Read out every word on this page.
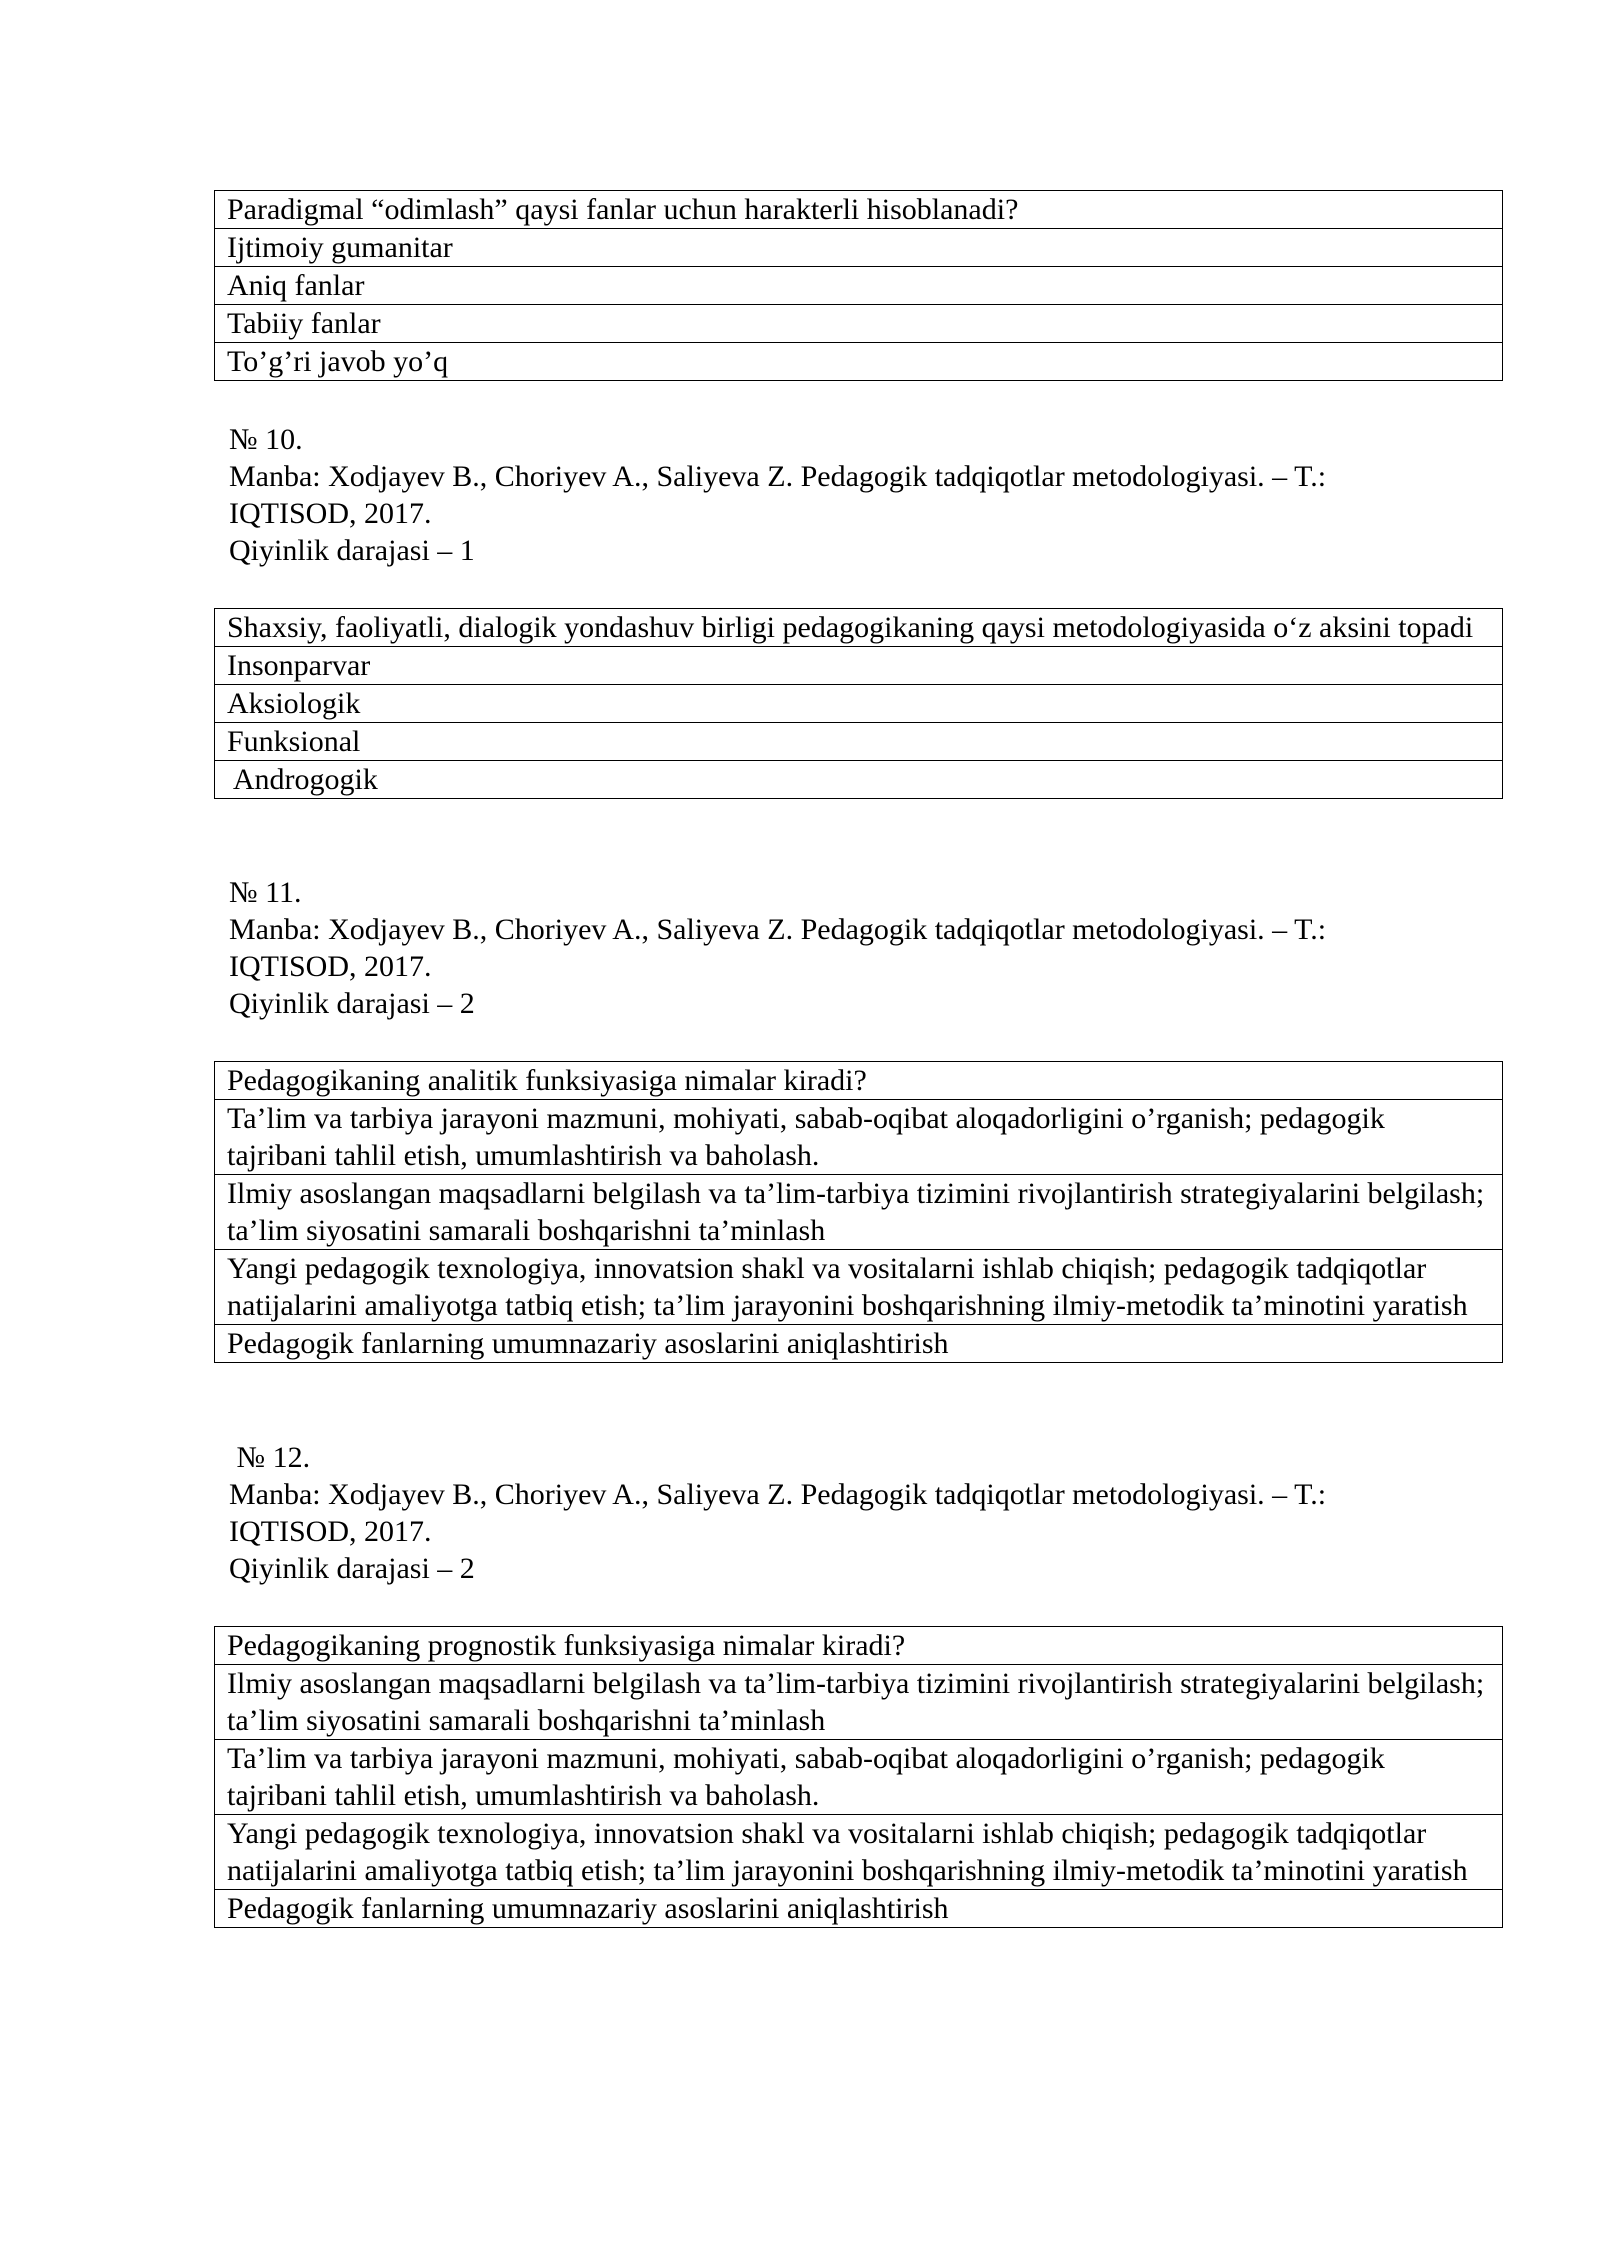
Paradigmal “odimlash” qaysi fanlar uchun harakterli hisoblanadi?
Ijtimoiy gumanitar
Aniq fanlar
Tabiiy fanlar
To’g’ri javob yo’q
№ 10.
Manba: Xodjayev B., Choriyev A., Saliyeva Z. Pedagogik tadqiqotlar metodologiyasi. – T.:
IQTISOD, 2017.
Qiyinlik darajasi – 1
Shaxsiy, faoliyatli, dialogik yondashuv birligi pedagogikaning qaysi metodologiyasida o‘z aksini topadi
Insonparvar
Aksiologik
Funksional
Androgogik
№ 11.
Manba: Xodjayev B., Choriyev A., Saliyeva Z. Pedagogik tadqiqotlar metodologiyasi. – T.:
IQTISOD, 2017.
Qiyinlik darajasi – 2
Pedagogikaning analitik funksiyasiga nimalar kiradi?
Ta’lim va tarbiya jarayoni mazmuni, mohiyati, sabab-oqibat aloqadorligini o’rganish; pedagogik tajribani tahlil etish, umumlashtirish va baholash.
Ilmiy asoslangan maqsadlarni belgilash va ta’lim-tarbiya tizimini rivojlantirish strategiyalarini belgilash; ta’lim siyosatini samarali boshqarishni ta’minlash
Yangi pedagogik texnologiya, innovatsion shakl va vositalarni ishlab chiqish; pedagogik tadqiqotlar natijalarini amaliyotga tatbiq etish; ta’lim jarayonini boshqarishning ilmiy-metodik ta’minotini yaratish
Pedagogik fanlarning umumnazariy asoslarini aniqlashtirish
№ 12.
Manba: Xodjayev B., Choriyev A., Saliyeva Z. Pedagogik tadqiqotlar metodologiyasi. – T.:
IQTISOD, 2017.
Qiyinlik darajasi – 2
Pedagogikaning prognostik funksiyasiga nimalar kiradi?
Ilmiy asoslangan maqsadlarni belgilash va ta’lim-tarbiya tizimini rivojlantirish strategiyalarini belgilash; ta’lim siyosatini samarali boshqarishni ta’minlash
Ta’lim va tarbiya jarayoni mazmuni, mohiyati, sabab-oqibat aloqadorligini o’rganish; pedagogik tajribani tahlil etish, umumlashtirish va baholash.
Yangi pedagogik texnologiya, innovatsion shakl va vositalarni ishlab chiqish; pedagogik tadqiqotlar natijalarini amaliyotga tatbiq etish; ta’lim jarayonini boshqarishning ilmiy-metodik ta’minotini yaratish
Pedagogik fanlarning umumnazariy asoslarini aniqlashtirish
